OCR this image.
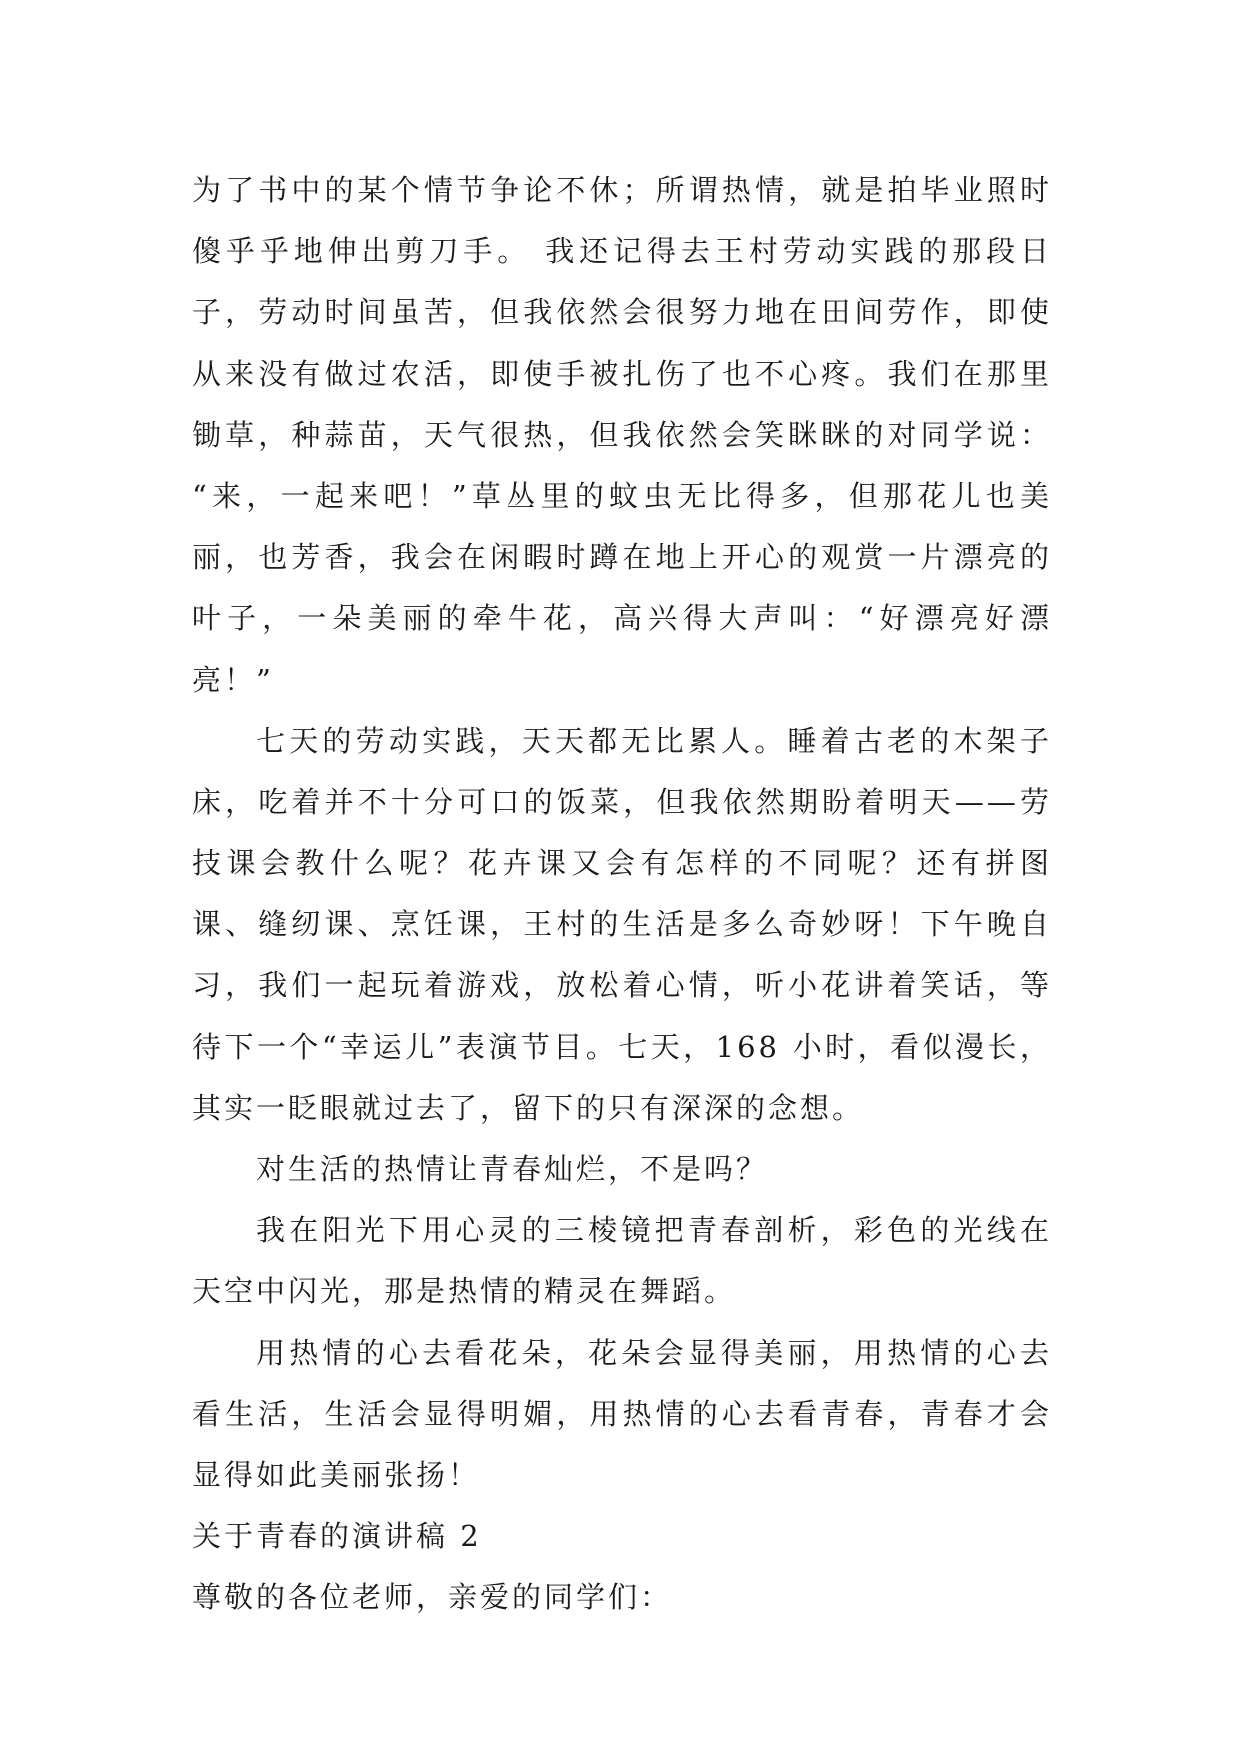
为了书中的某个情节争论不休；所谓热情，就是拍毕业照时
傻乎乎地伸出剪刀手。 我还记得去王村劳动实践的那段日
子，劳动时间虽苦，但我依然会很努力地在田间劳作，即使
从来没有做过农活，即使手被扎伤了也不心疼。我们在那里
锄草，种蒜苗，天气很热，但我依然会笑眯眯的对同学说：
“来，一起来吧！”草丛里的蚊虫无比得多，但那花儿也美
丽，也芳香，我会在闲暇时蹲在地上开心的观赏一片漂亮的
叶子，一朵美丽的牵牛花，高兴得大声叫：“好漂亮好漂
亮！”
七天的劳动实践，天天都无比累人。睡着古老的木架子
床，吃着并不十分可口的饭菜，但我依然期盼着明天——劳
技课会教什么呢？花卉课又会有怎样的不同呢？还有拼图
课、缝纫课、烹饪课，王村的生活是多么奇妙呀！下午晚自
习，我们一起玩着游戏，放松着心情，听小花讲着笑话，等
待下一个“幸运儿”表演节目。七天，168 小时，看似漫长，
其实一眨眼就过去了，留下的只有深深的念想。
对生活的热情让青春灿烂，不是吗？
我在阳光下用心灵的三棱镜把青春剖析，彩色的光线在
天空中闪光，那是热情的精灵在舞蹈。
用热情的心去看花朵，花朵会显得美丽，用热情的心去
看生活，生活会显得明媚，用热情的心去看青春，青春才会
显得如此美丽张扬！
关于青春的演讲稿 2
尊敬的各位老师，亲爱的同学们：
